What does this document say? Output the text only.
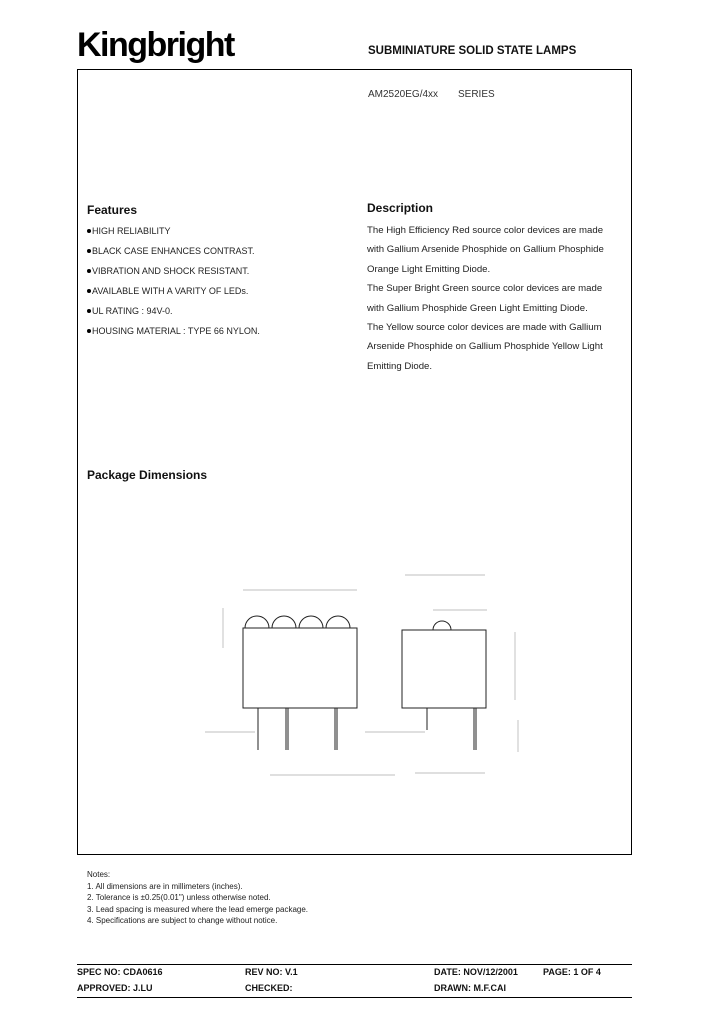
Kingbright	SUBMINIATURE SOLID STATE LAMPS
AM2520EG/4xx SERIES
Features
HIGH RELIABILITY
BLACK CASE ENHANCES CONTRAST.
VIBRATION AND SHOCK RESISTANT.
AVAILABLE WITH A VARITY OF LEDs.
UL RATING : 94V-0.
HOUSING MATERIAL : TYPE 66 NYLON.
Description
The High Efficiency Red source color devices are made
with Gallium Arsenide Phosphide on Gallium Phosphide
Orange Light Emitting Diode.
The Super Bright Green source color devices are made
with Gallium Phosphide Green Light Emitting Diode.
The Yellow source color devices are made with Gallium
Arsenide Phosphide on Gallium Phosphide Yellow Light
Emitting Diode.
Package Dimensions
Notes:
1. All dimensions are in millimeters (inches).
2. Tolerance is ±0.25(0.01") unless otherwise noted.
3. Lead spacing is measured where the lead emerge package.
4. Specifications are subject to change without notice.
SPEC NO: CDA0616	REV NO: V.1	DATE: NOV/12/2001	PAGE: 1 OF 4
APPROVED: J.LU	CHECKED:	DRAWN: M.F.CAI
